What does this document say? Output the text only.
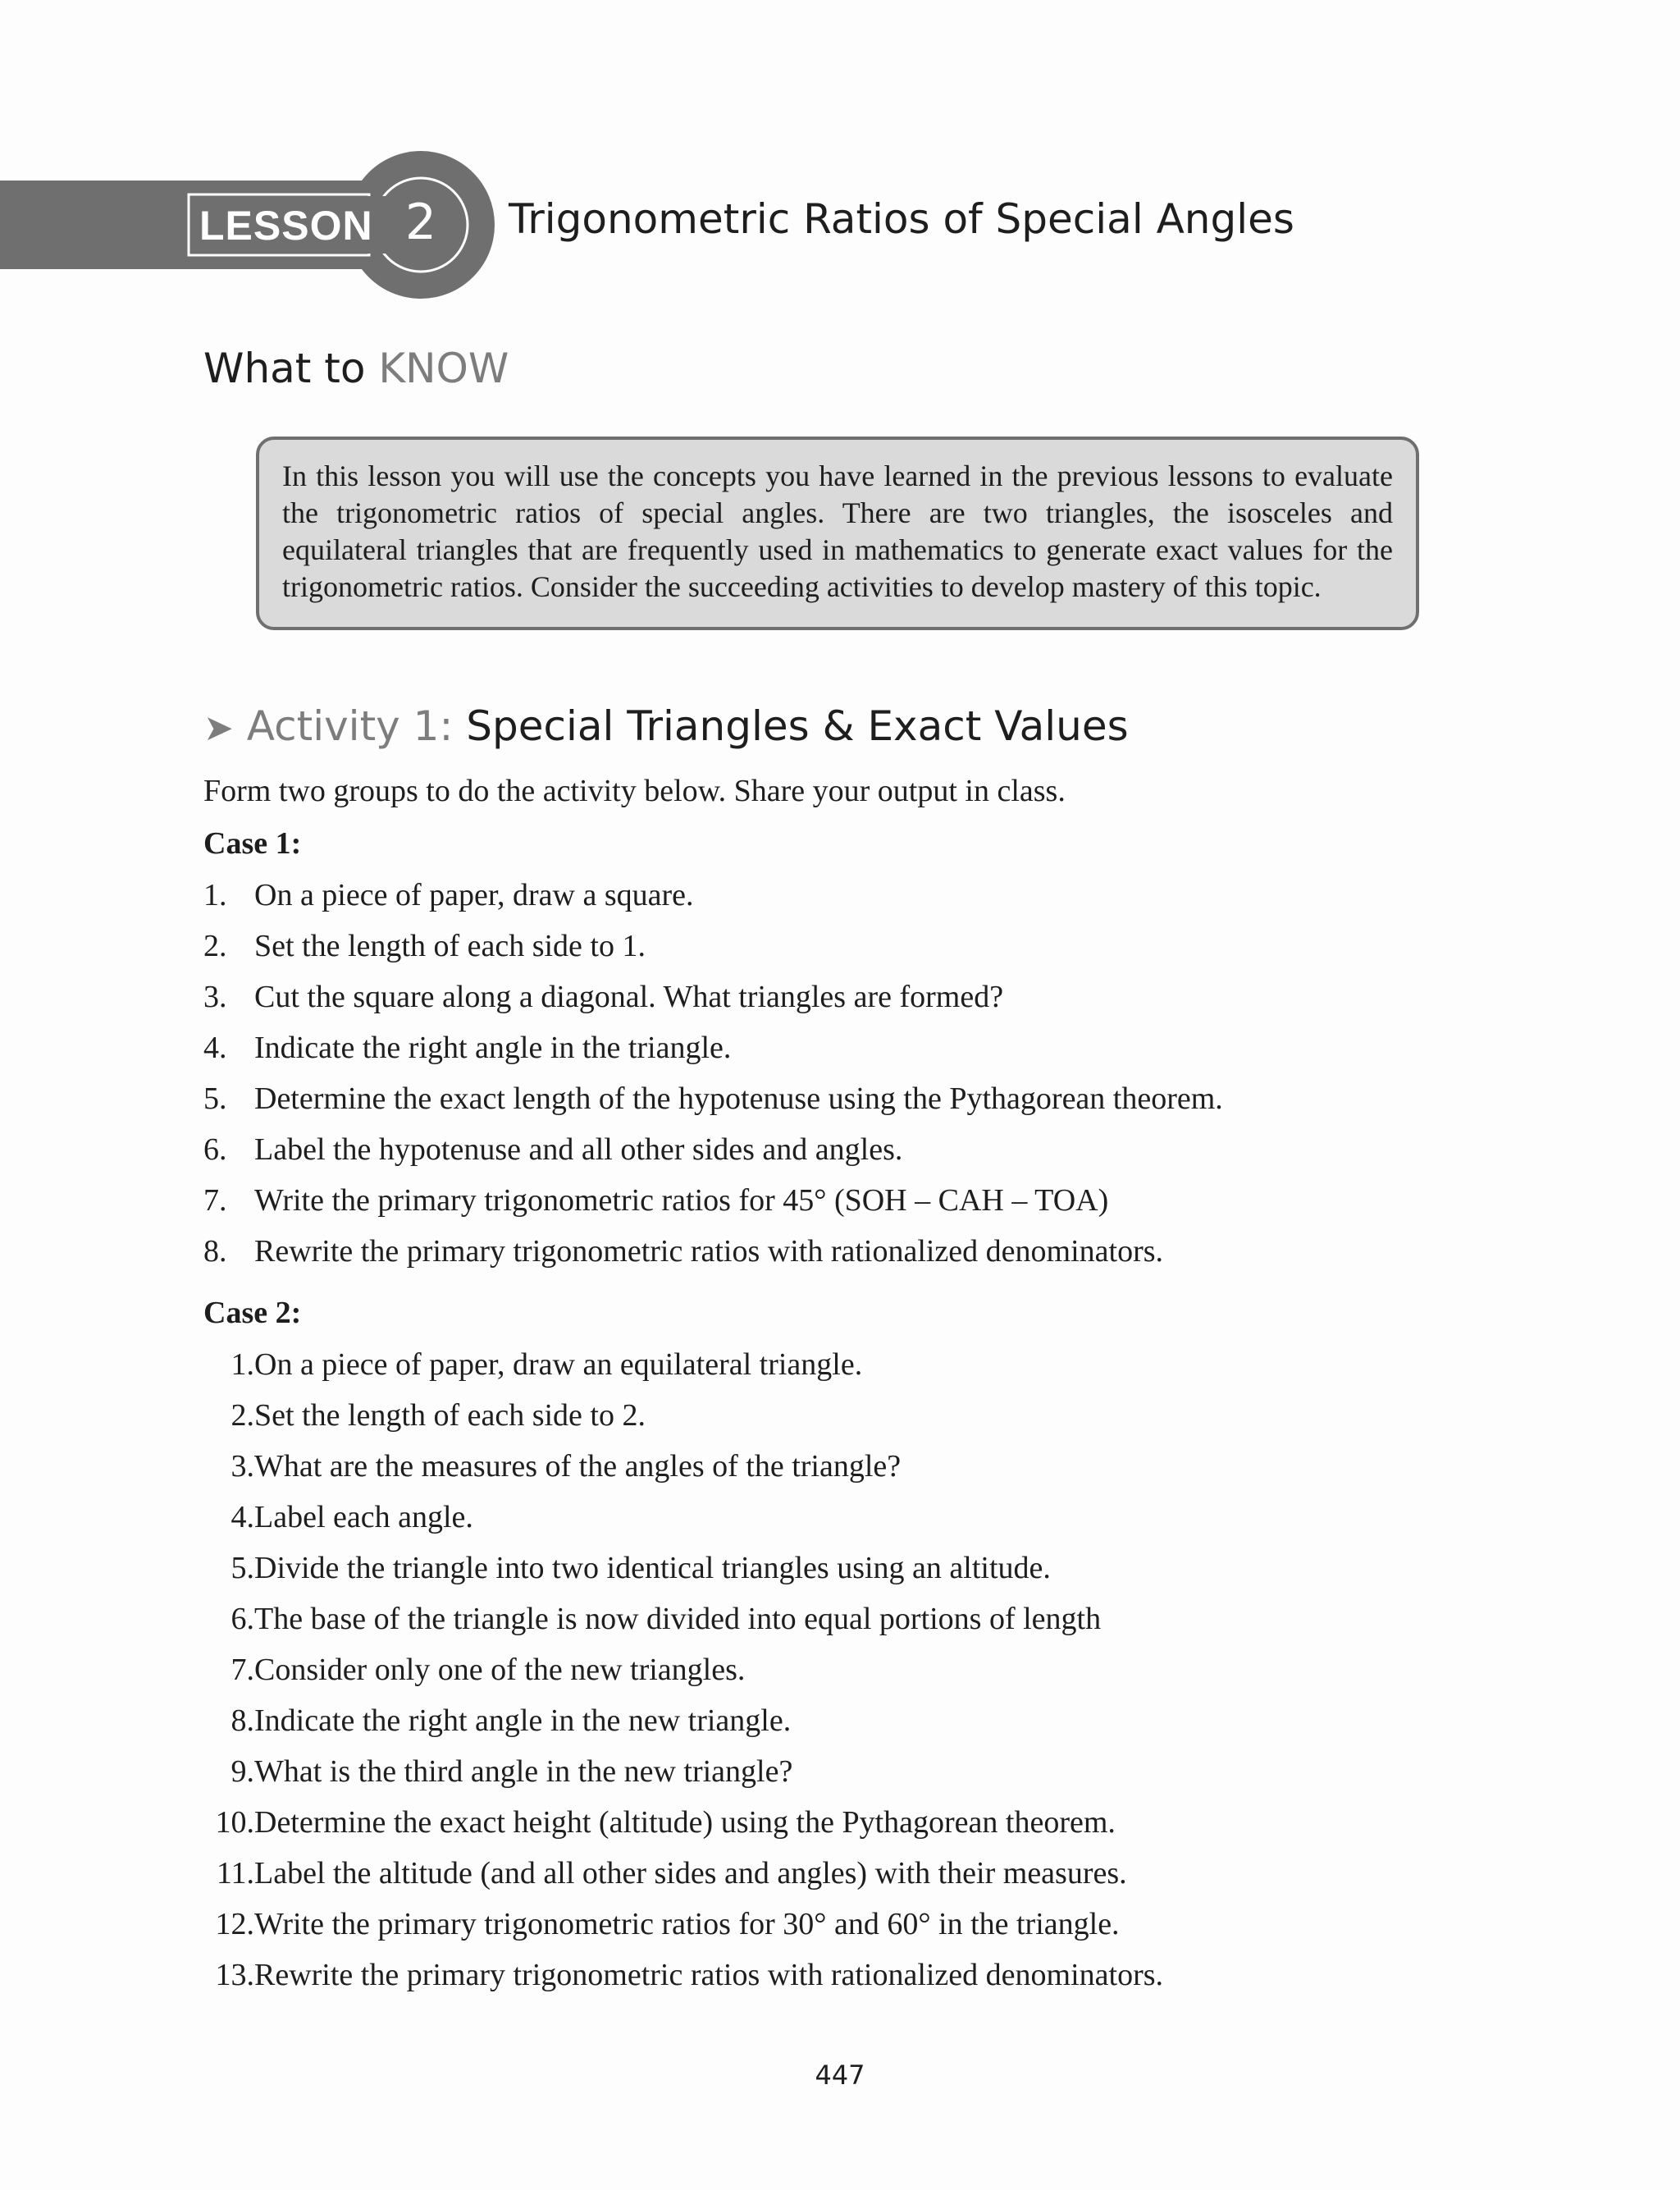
LESSON 2 Trigonometric Ratios of Special Angles
What to KNOW

In this lesson you will use the concepts you have learned in the previous lessons to evaluate the trigonometric ratios of special angles. There are two triangles, the isosceles and equilateral triangles that are frequently used in mathematics to generate exact values for the trigonometric ratios. Consider the succeeding activities to develop mastery of this topic.

➤ Activity 1: Special Triangles & Exact Values
Form two groups to do the activity below. Share your output in class.
Case 1:
1. On a piece of paper, draw a square.
2. Set the length of each side to 1.
3. Cut the square along a diagonal. What triangles are formed?
4. Indicate the right angle in the triangle.
5. Determine the exact length of the hypotenuse using the Pythagorean theorem.
6. Label the hypotenuse and all other sides and angles.
7. Write the primary trigonometric ratios for 45° (SOH – CAH – TOA)
8. Rewrite the primary trigonometric ratios with rationalized denominators.
Case 2:
1. On a piece of paper, draw an equilateral triangle.
2. Set the length of each side to 2.
3. What are the measures of the angles of the triangle?
4. Label each angle.
5. Divide the triangle into two identical triangles using an altitude.
6. The base of the triangle is now divided into equal portions of length
7. Consider only one of the new triangles.
8. Indicate the right angle in the new triangle.
9. What is the third angle in the new triangle?
10. Determine the exact height (altitude) using the Pythagorean theorem.
11. Label the altitude (and all other sides and angles) with their measures.
12. Write the primary trigonometric ratios for 30° and 60° in the triangle.
13. Rewrite the primary trigonometric ratios with rationalized denominators.
447
